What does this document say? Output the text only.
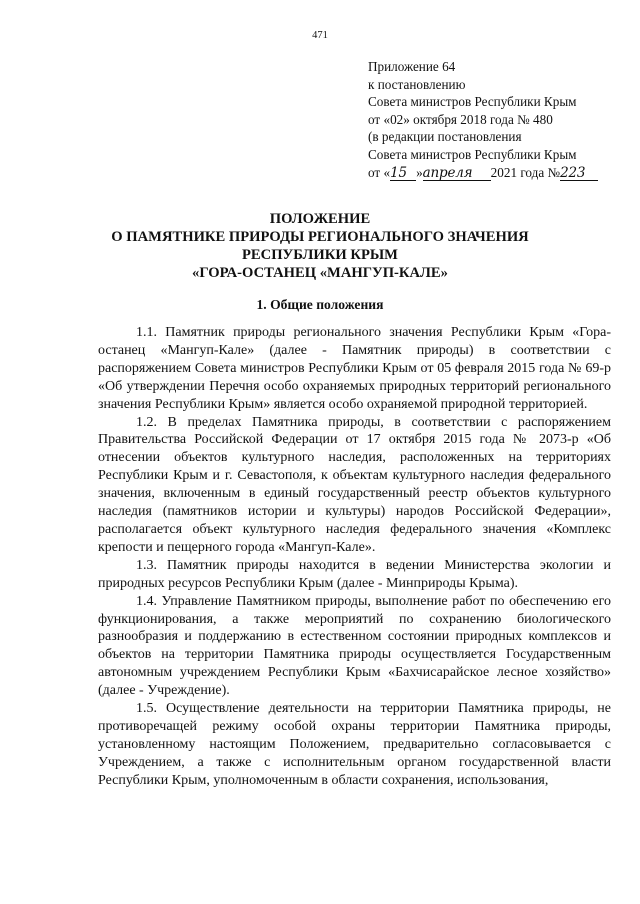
471
Приложение 64
к постановлению
Совета министров Республики Крым
от «02» октября 2018 года № 480
(в редакции постановления
Совета министров Республики Крым
от «15 »апреля 2021 года №223
ПОЛОЖЕНИЕ
О ПАМЯТНИКЕ ПРИРОДЫ РЕГИОНАЛЬНОГО ЗНАЧЕНИЯ
РЕСПУБЛИКИ КРЫМ
«ГОРА-ОСТАНЕЦ «МАНГУП-КАЛЕ»
1. Общие положения

1.1. Памятник природы регионального значения Республики Крым «Гора-останец «Мангуп-Кале» (далее - Памятник природы) в соответствии с распоряжением Совета министров Республики Крым от 05 февраля 2015 года № 69-р «Об утверждении Перечня особо охраняемых природных территорий регионального значения Республики Крым» является особо охраняемой природной территорией.

1.2. В пределах Памятника природы, в соответствии с распоряжением Правительства Российской Федерации от 17 октября 2015 года № 2073-р «Об отнесении объектов культурного наследия, расположенных на территориях Республики Крым и г. Севастополя, к объектам культурного наследия федерального значения, включенным в единый государственный реестр объектов культурного наследия (памятников истории и культуры) народов Российской Федерации», располагается объект культурного наследия федерального значения «Комплекс крепости и пещерного города «Мангуп-Кале».

1.3. Памятник природы находится в ведении Министерства экологии и природных ресурсов Республики Крым (далее - Минприроды Крыма).

1.4. Управление Памятником природы, выполнение работ по обеспечению его функционирования, а также мероприятий по сохранению биологического разнообразия и поддержанию в естественном состоянии природных комплексов и объектов на территории Памятника природы осуществляется Государственным автономным учреждением Республики Крым «Бахчисарайское лесное хозяйство» (далее - Учреждение).

1.5. Осуществление деятельности на территории Памятника природы, не противоречащей режиму особой охраны территории Памятника природы, установленному настоящим Положением, предварительно согласовывается с Учреждением, а также с исполнительным органом государственной власти Республики Крым, уполномоченным в области сохранения, использования,
